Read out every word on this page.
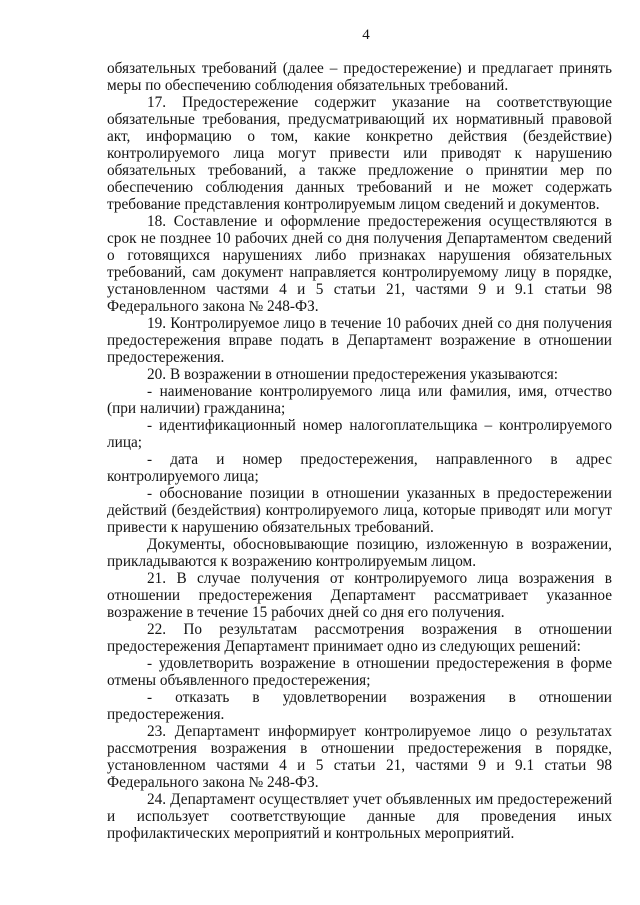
4

обязательных требований (далее – предостережение) и предлагает принять меры по обеспечению соблюдения обязательных требований.

17. Предостережение содержит указание на соответствующие обязательные требования, предусматривающий их нормативный правовой акт, информацию о том, какие конкретно действия (бездействие) контролируемого лица могут привести или приводят к нарушению обязательных требований, а также предложение о принятии мер по обеспечению соблюдения данных требований и не может содержать требование представления контролируемым лицом сведений и документов.

18. Составление и оформление предостережения осуществляются в срок не позднее 10 рабочих дней со дня получения Департаментом сведений о готовящихся нарушениях либо признаках нарушения обязательных требований, сам документ направляется контролируемому лицу в порядке, установленном частями 4 и 5 статьи 21, частями 9 и 9.1 статьи 98 Федерального закона № 248-ФЗ.

19. Контролируемое лицо в течение 10 рабочих дней со дня получения предостережения вправе подать в Департамент возражение в отношении предостережения.

20. В возражении в отношении предостережения указываются:

- наименование контролируемого лица или фамилия, имя, отчество (при наличии) гражданина;

- идентификационный номер налогоплательщика – контролируемого лица;

- дата и номер предостережения, направленного в адрес контролируемого лица;

- обоснование позиции в отношении указанных в предостережении действий (бездействия) контролируемого лица, которые приводят или могут привести к нарушению обязательных требований.

Документы, обосновывающие позицию, изложенную в возражении, прикладываются к возражению контролируемым лицом.

21. В случае получения от контролируемого лица возражения в отношении предостережения Департамент рассматривает указанное возражение в течение 15 рабочих дней со дня его получения.

22. По результатам рассмотрения возражения в отношении предостережения Департамент принимает одно из следующих решений:

- удовлетворить возражение в отношении предостережения в форме отмены объявленного предостережения;

- отказать в удовлетворении возражения в отношении предостережения.

23. Департамент информирует контролируемое лицо о результатах рассмотрения возражения в отношении предостережения в порядке, установленном частями 4 и 5 статьи 21, частями 9 и 9.1 статьи 98 Федерального закона № 248-ФЗ.

24. Департамент осуществляет учет объявленных им предостережений и использует соответствующие данные для проведения иных профилактических мероприятий и контрольных мероприятий.
